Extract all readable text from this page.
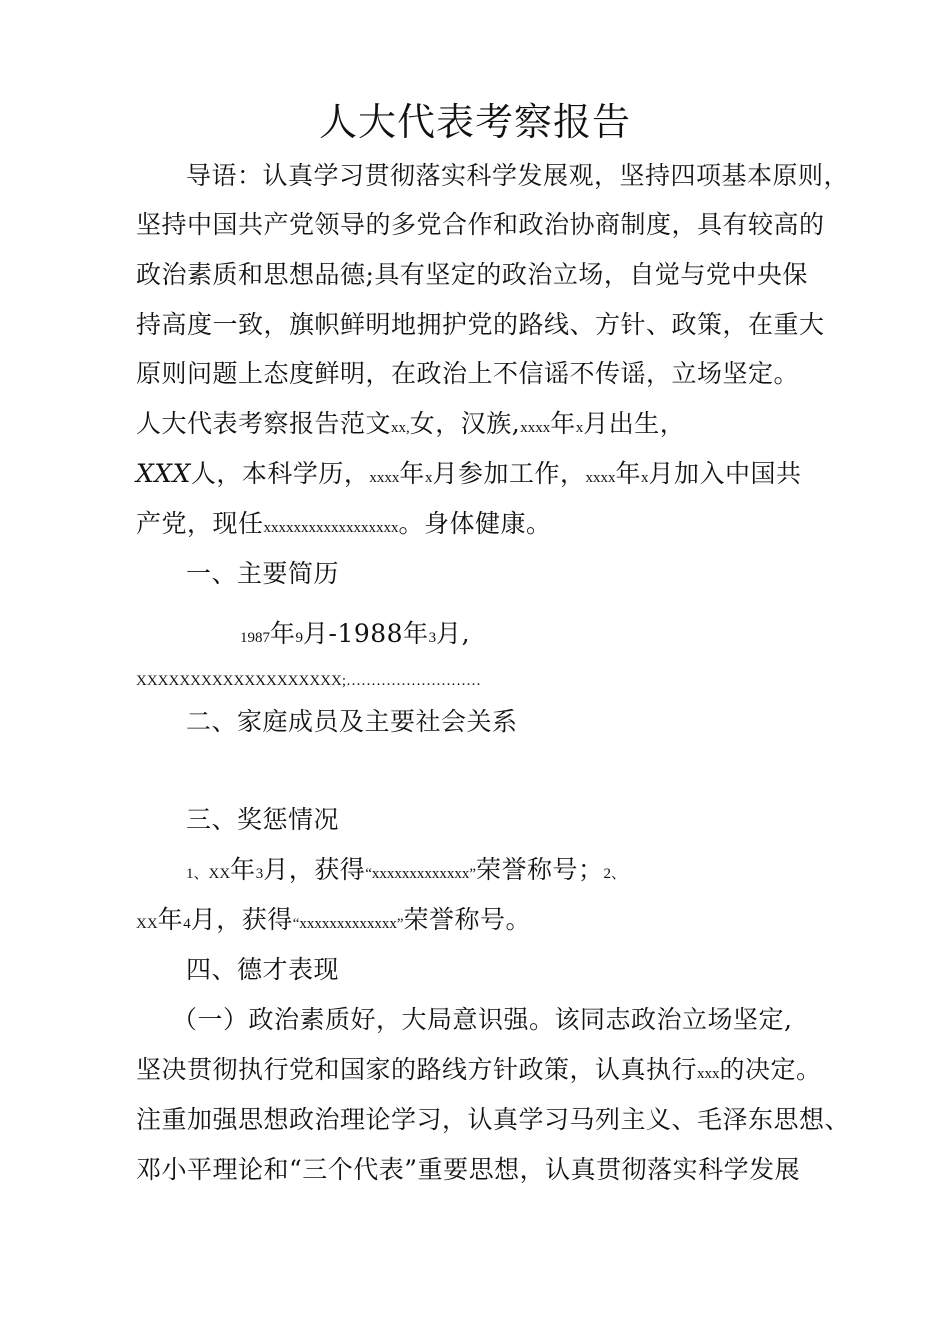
人大代表考察报告
导语：认真学习贯彻落实科学发展观，坚持四项基本原则，
坚持中国共产党领导的多党合作和政治协商制度，具有较高的
政治素质和思想品德;具有坚定的政治立场，自觉与党中央保
持高度一致，旗帜鲜明地拥护党的路线、方针、政策，在重大
原则问题上态度鲜明，在政治上不信谣不传谣，立场坚定。
人大代表考察报告范文xx,女，汉族,xxxx年x月出生，
XXX人，本科学历，xxxx年x月参加工作，xxxx年x月加入中国共
产党，现任xxxxxxxxxxxxxxxxxx。身体健康。
一、主要简历
1987年9月-1988年3月,
XXXXXXXXXXXXXXXXXXX;………………………
二、家庭成员及主要社会关系
三、奖惩情况
1、XX年3月，获得“xxxxxxxxxxxxx”荣誉称号；2、
XX年4月，获得“xxxxxxxxxxxxx”荣誉称号。
四、德才表现
（一）政治素质好，大局意识强。该同志政治立场坚定,
坚决贯彻执行党和国家的路线方针政策，认真执行xxx的决定。
注重加强思想政治理论学习，认真学习马列主义、毛泽东思想、
邓小平理论和“三个代表”重要思想，认真贯彻落实科学发展
